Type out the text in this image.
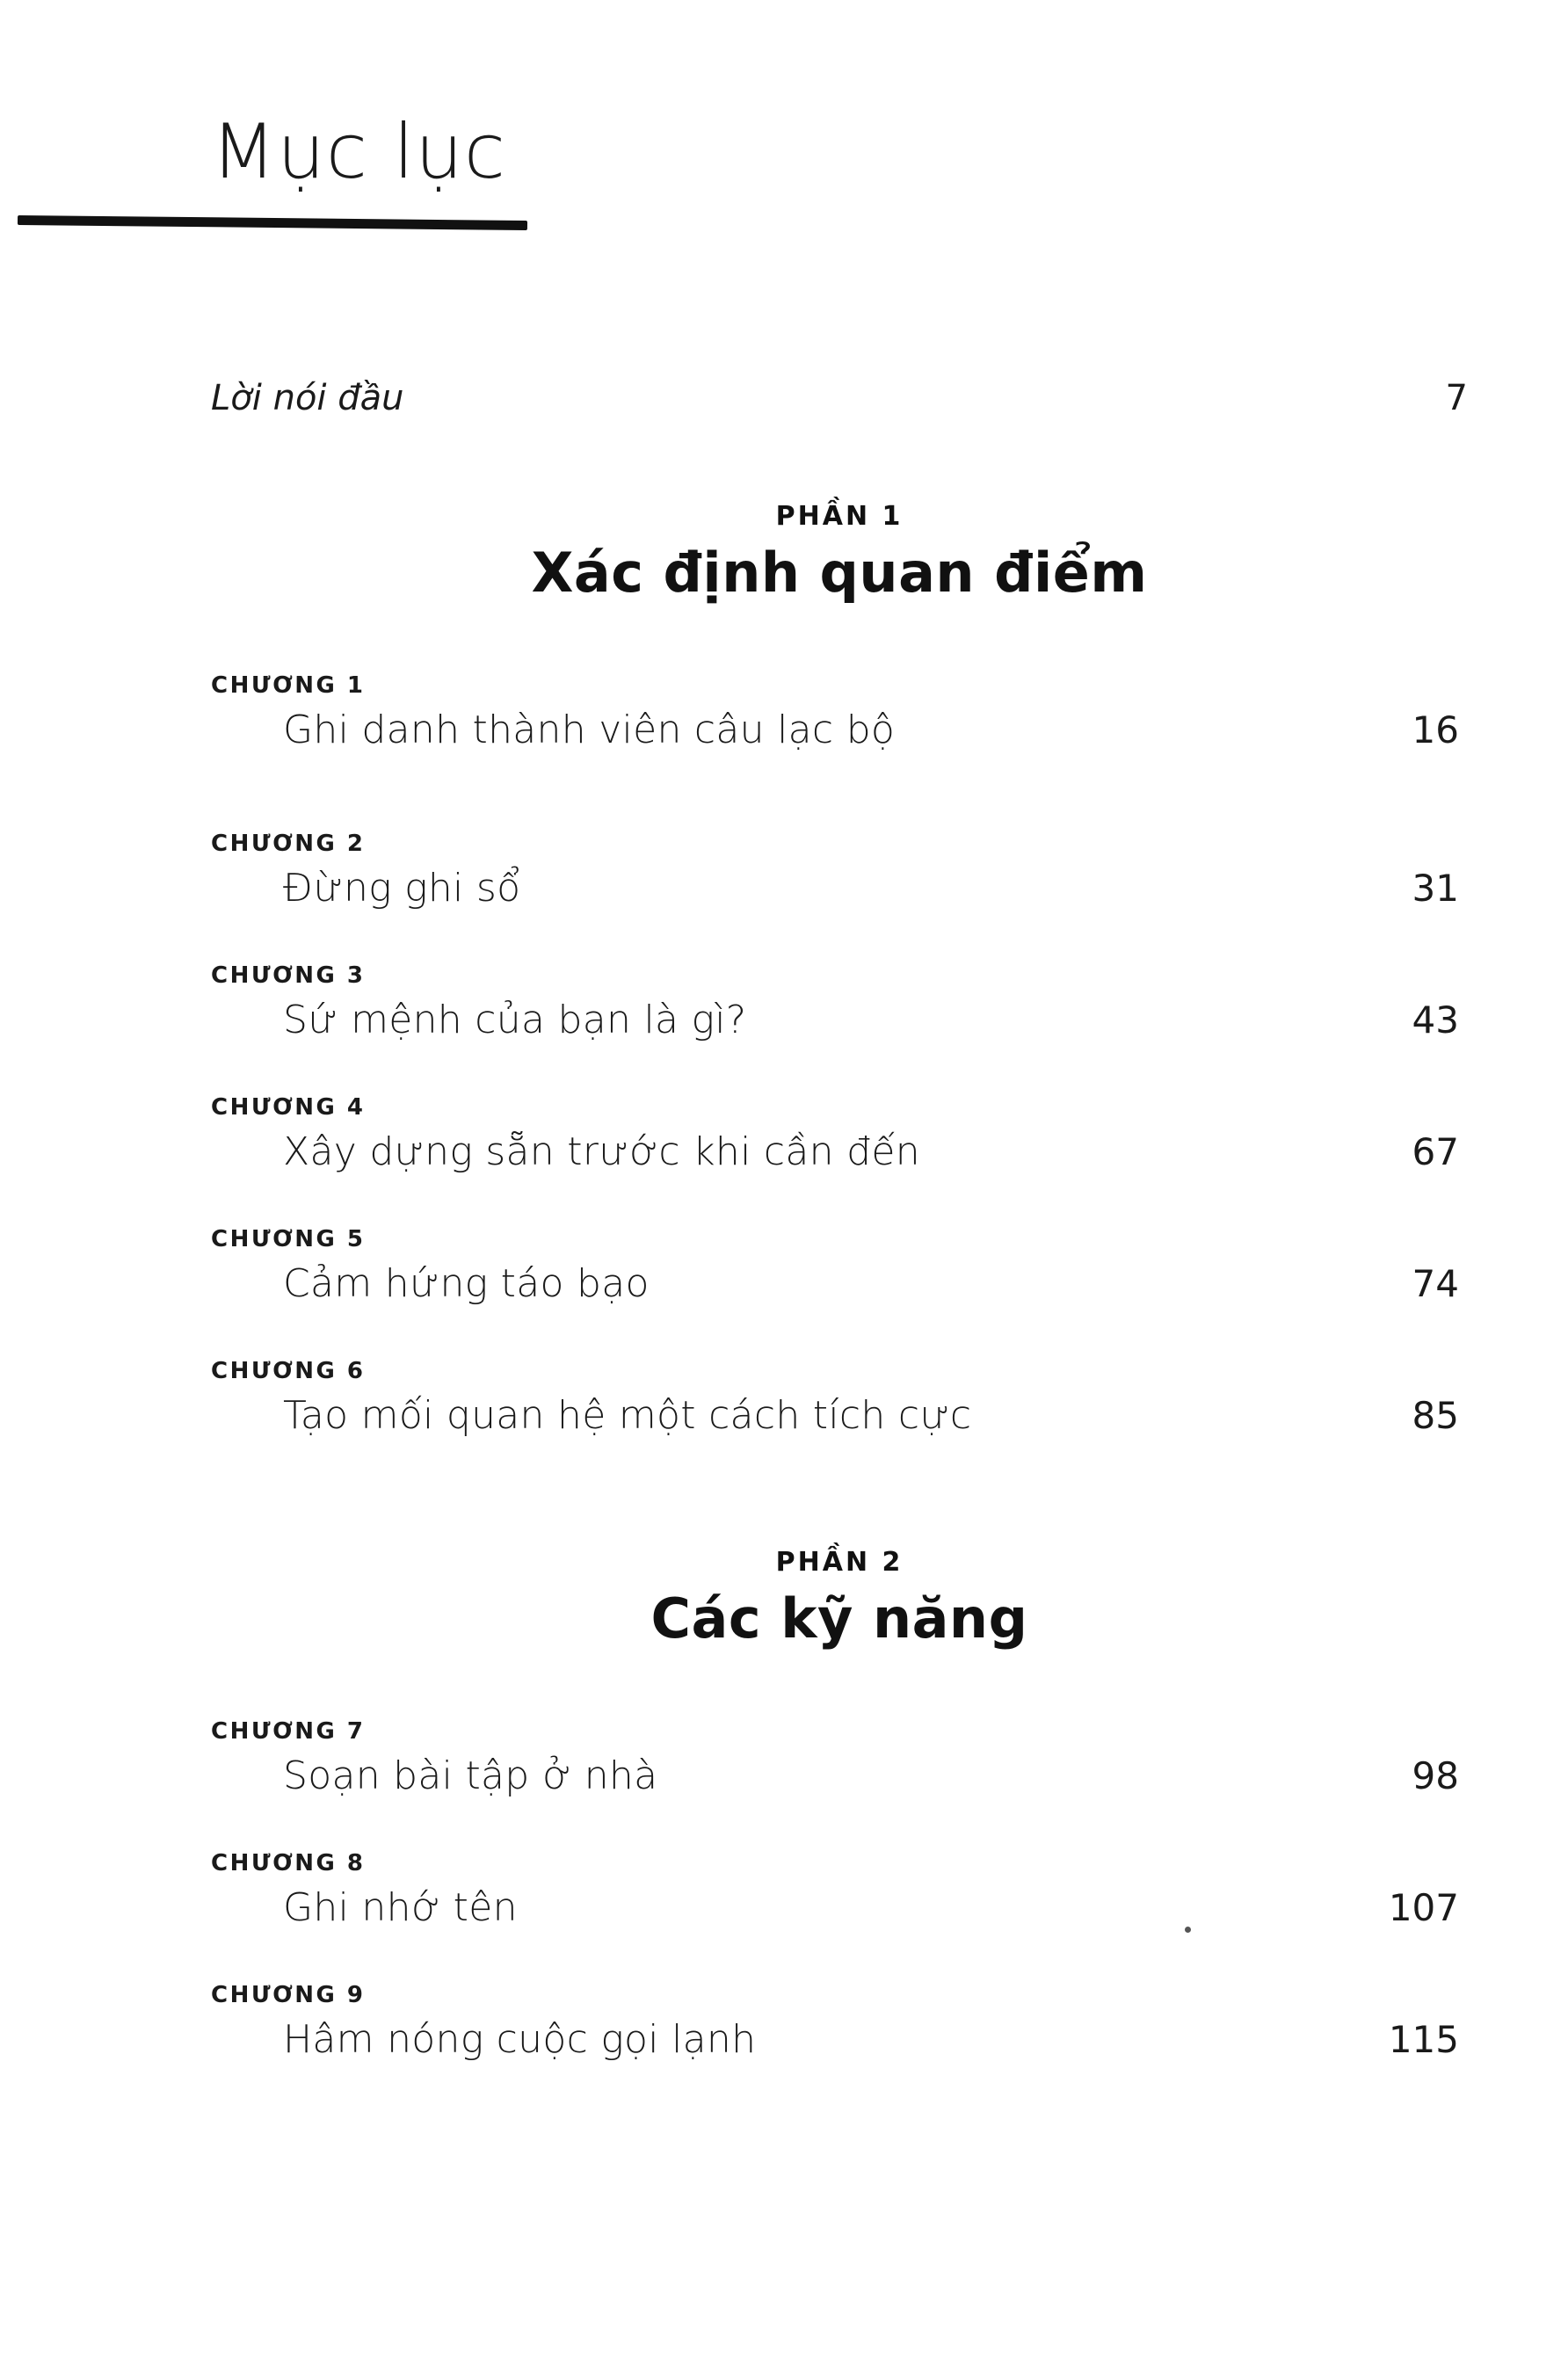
Mục lục
Lời nói đầu	7
PHẦN 1
Xác định quan điểm
CHƯƠNG 1
Ghi danh thành viên câu lạc bộ	16
CHƯƠNG 2
Đừng ghi sổ	31
CHƯƠNG 3
Sứ mệnh của bạn là gì?	43
CHƯƠNG 4
Xây dựng sẵn trước khi cần đến	67
CHƯƠNG 5
Cảm hứng táo bạo	74
CHƯƠNG 6
Tạo mối quan hệ một cách tích cực	85
PHẦN 2
Các kỹ năng
CHƯƠNG 7
Soạn bài tập ở nhà	98
CHƯƠNG 8
Ghi nhớ tên	107
CHƯƠNG 9
Hâm nóng cuộc gọi lạnh	115
